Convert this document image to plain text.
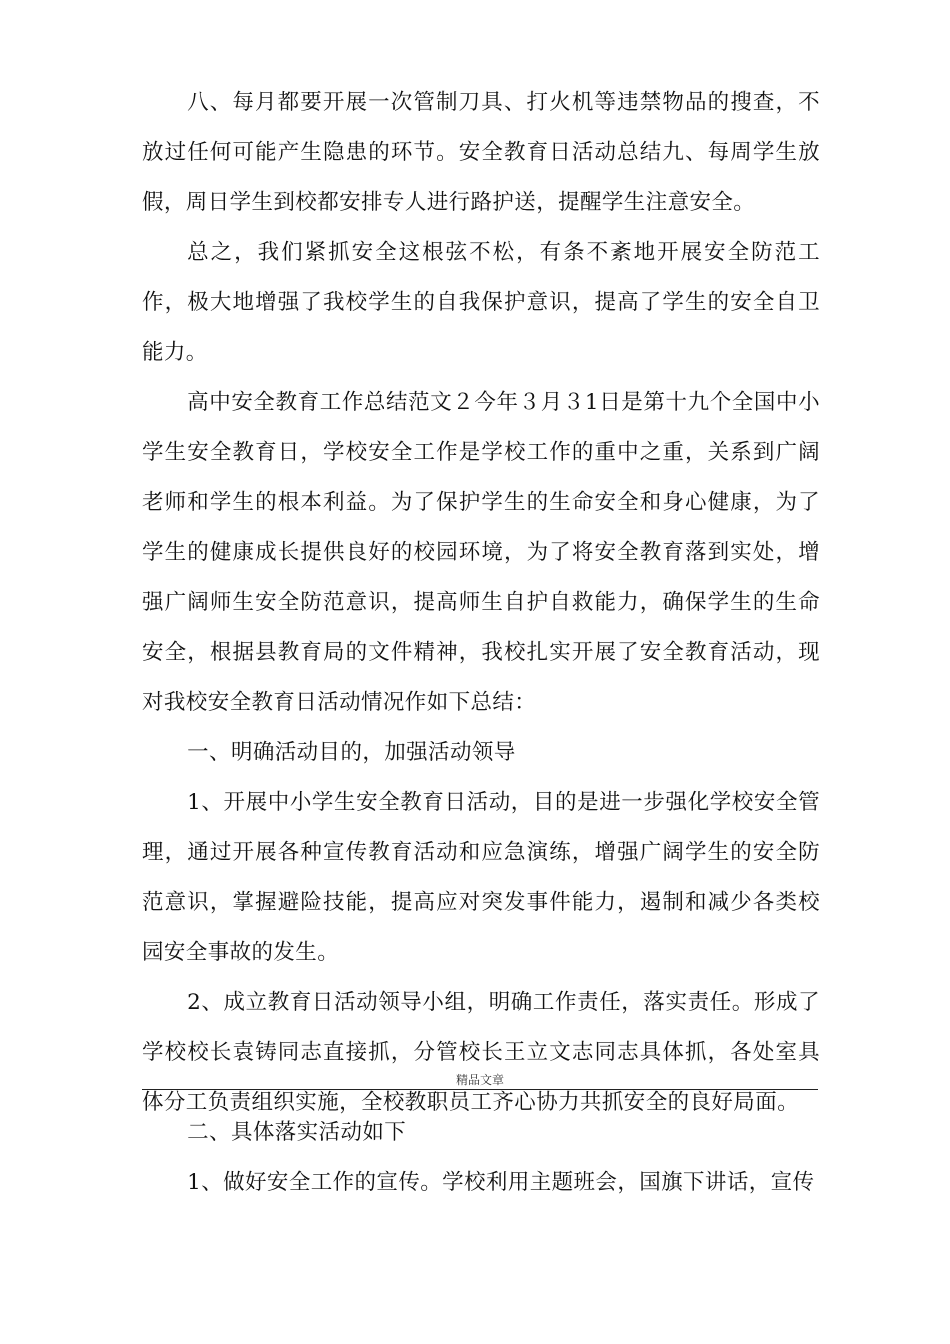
八、每月都要开展一次管制刀具、打火机等违禁物品的搜查，不放过任何可能产生隐患的环节。安全教育日活动总结九、每周学生放假，周日学生到校都安排专人进行路护送，提醒学生注意安全。

总之，我们紧抓安全这根弦不松，有条不紊地开展安全防范工作，极大地增强了我校学生的自我保护意识，提高了学生的安全自卫能力。

高中安全教育工作总结范文２今年３月３1日是第十九个全国中小学生安全教育日，学校安全工作是学校工作的重中之重，关系到广阔老师和学生的根本利益。为了保护学生的生命安全和身心健康，为了学生的健康成长提供良好的校园环境，为了将安全教育落到实处，增强广阔师生安全防范意识，提高师生自护自救能力，确保学生的生命安全，根据县教育局的文件精神，我校扎实开展了安全教育活动，现对我校安全教育日活动情况作如下总结：

一、明确活动目的，加强活动领导

1、开展中小学生安全教育日活动，目的是进一步强化学校安全管理，通过开展各种宣传教育活动和应急演练，增强广阔学生的安全防范意识，掌握避险技能，提高应对突发事件能力，遏制和减少各类校园安全事故的发生。

2、成立教育日活动领导小组，明确工作责任，落实责任。形成了学校校长袁铸同志直接抓，分管校长王立文志同志具体抓，各处室具体分工负责组织实施，全校教职员工齐心协力共抓安全的良好局面。

精品文章

二、具体落实活动如下

1、做好安全工作的宣传。学校利用主题班会，国旗下讲话，宣传
